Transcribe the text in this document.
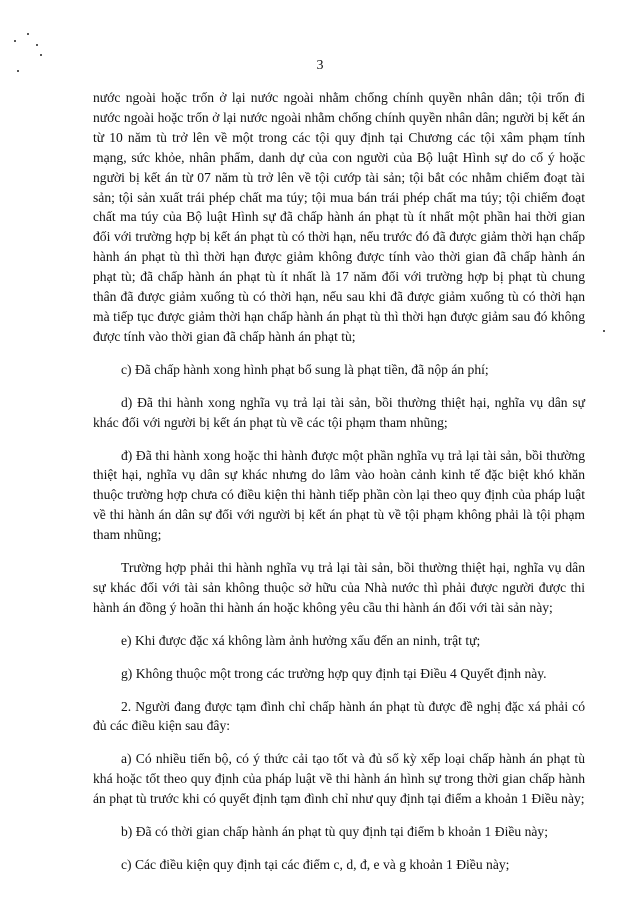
3

nước ngoài hoặc trốn ở lại nước ngoài nhằm chống chính quyền nhân dân; tội trốn đi nước ngoài hoặc trốn ở lại nước ngoài nhằm chống chính quyền nhân dân; người bị kết án từ 10 năm tù trở lên về một trong các tội quy định tại Chương các tội xâm phạm tính mạng, sức khỏe, nhân phẩm, danh dự của con người của Bộ luật Hình sự do cố ý hoặc người bị kết án từ 07 năm tù trở lên về tội cướp tài sản; tội bắt cóc nhằm chiếm đoạt tài sản; tội sản xuất trái phép chất ma túy; tội mua bán trái phép chất ma túy; tội chiếm đoạt chất ma túy của Bộ luật Hình sự đã chấp hành án phạt tù ít nhất một phần hai thời gian đối với trường hợp bị kết án phạt tù có thời hạn, nếu trước đó đã được giảm thời hạn chấp hành án phạt tù thì thời hạn được giảm không được tính vào thời gian đã chấp hành án phạt tù; đã chấp hành án phạt tù ít nhất là 17 năm đối với trường hợp bị phạt tù chung thân đã được giảm xuống tù có thời hạn, nếu sau khi đã được giảm xuống tù có thời hạn mà tiếp tục được giảm thời hạn chấp hành án phạt tù thì thời hạn được giảm sau đó không được tính vào thời gian đã chấp hành án phạt tù;

c) Đã chấp hành xong hình phạt bổ sung là phạt tiền, đã nộp án phí;

d) Đã thi hành xong nghĩa vụ trả lại tài sản, bồi thường thiệt hại, nghĩa vụ dân sự khác đối với người bị kết án phạt tù về các tội phạm tham nhũng;

đ) Đã thi hành xong hoặc thi hành được một phần nghĩa vụ trả lại tài sản, bồi thường thiệt hại, nghĩa vụ dân sự khác nhưng do lâm vào hoàn cảnh kinh tế đặc biệt khó khăn thuộc trường hợp chưa có điều kiện thi hành tiếp phần còn lại theo quy định của pháp luật về thi hành án dân sự đối với người bị kết án phạt tù về tội phạm không phải là tội phạm tham nhũng;

Trường hợp phải thi hành nghĩa vụ trả lại tài sản, bồi thường thiệt hại, nghĩa vụ dân sự khác đối với tài sản không thuộc sở hữu của Nhà nước thì phải được người được thi hành án đồng ý hoãn thi hành án hoặc không yêu cầu thi hành án đối với tài sản này;

e) Khi được đặc xá không làm ảnh hưởng xấu đến an ninh, trật tự;

g) Không thuộc một trong các trường hợp quy định tại Điều 4 Quyết định này.

2. Người đang được tạm đình chỉ chấp hành án phạt tù được đề nghị đặc xá phải có đủ các điều kiện sau đây:

a) Có nhiều tiến bộ, có ý thức cải tạo tốt và đủ số kỳ xếp loại chấp hành án phạt tù khá hoặc tốt theo quy định của pháp luật về thi hành án hình sự trong thời gian chấp hành án phạt tù trước khi có quyết định tạm đình chỉ như quy định tại điểm a khoản 1 Điều này;

b) Đã có thời gian chấp hành án phạt tù quy định tại điểm b khoản 1 Điều này;

c) Các điều kiện quy định tại các điểm c, d, đ, e và g khoản 1 Điều này;
